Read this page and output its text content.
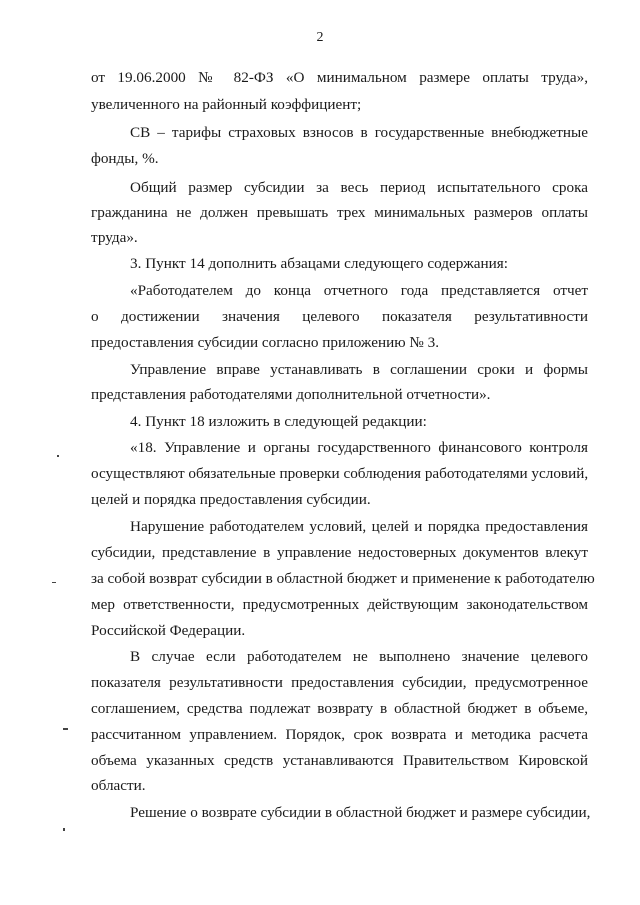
2
от 19.06.2000 № 82-ФЗ «О минимальном размере оплаты труда»,
увеличенного на районный коэффициент;
СВ – тарифы страховых взносов в государственные внебюджетные
фонды, %.
Общий размер субсидии за весь период испытательного срока
гражданина не должен превышать трех минимальных размеров оплаты
труда».
3. Пункт 14 дополнить абзацами следующего содержания:
«Работодателем до конца отчетного года представляется отчет
о достижении значения целевого показателя результативности
предоставления субсидии согласно приложению № 3.
Управление вправе устанавливать в соглашении сроки и формы
представления работодателями дополнительной отчетности».
4. Пункт 18 изложить в следующей редакции:
«18. Управление и органы государственного финансового контроля
осуществляют обязательные проверки соблюдения работодателями условий,
целей и порядка предоставления субсидии.
Нарушение работодателем условий, целей и порядка предоставления
субсидии, представление в управление недостоверных документов влекут
за собой возврат субсидии в областной бюджет и применение к работодателю
мер ответственности, предусмотренных действующим законодательством
Российской Федерации.
В случае если работодателем не выполнено значение целевого
показателя результативности предоставления субсидии, предусмотренное
соглашением, средства подлежат возврату в областной бюджет в объеме,
рассчитанном управлением. Порядок, срок возврата и методика расчета
объема указанных средств устанавливаются Правительством Кировской
области.
Решение о возврате субсидии в областной бюджет и размере субсидии,
